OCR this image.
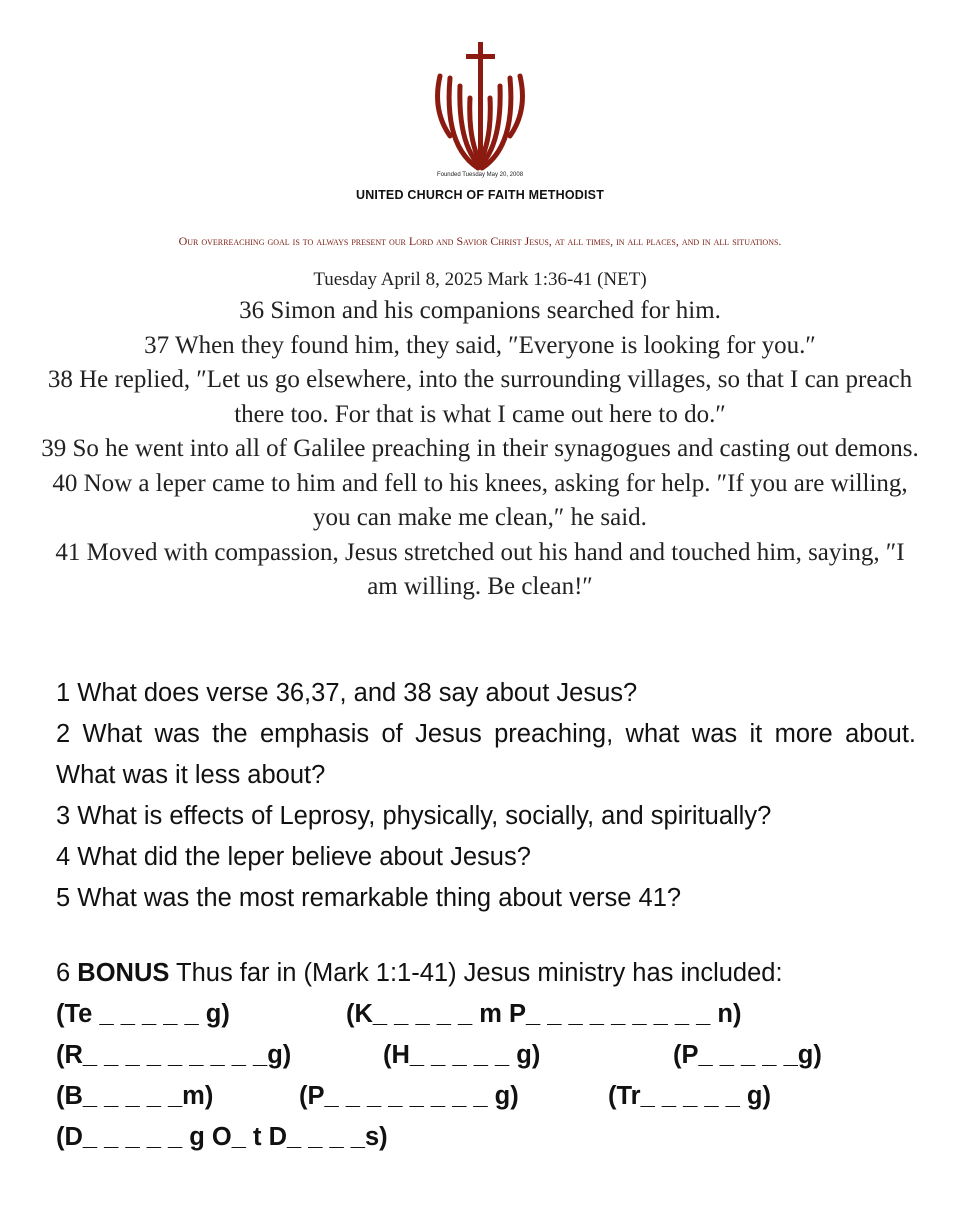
Founded Tuesday May 20, 2008
UNITED CHURCH OF FAITH METHODIST
Our overreaching goal is to always present our Lord and Savior Christ Jesus, at all times, in all places, and in all situations.
Tuesday April 8, 2025 Mark 1:36-41 (NET)

36 Simon and his companions searched for him.

37 When they found him, they said, ″Everyone is looking for you.″

38 He replied, ″Let us go elsewhere, into the surrounding villages, so that I can preach there too. For that is what I came out here to do.″

39 So he went into all of Galilee preaching in their synagogues and casting out demons.

40 Now a leper came to him and fell to his knees, asking for help. ″If you are willing, you can make me clean,″ he said.

41 Moved with compassion, Jesus stretched out his hand and touched him, saying, ″I am willing. Be clean!″

1 What does verse 36,37, and 38 say about Jesus?

2 What was the emphasis of Jesus preaching, what was it more about. What was it less about?

3 What is effects of Leprosy, physically, socially, and spiritually?

4 What did the leper believe about Jesus?

5 What was the most remarkable thing about verse 41?

6 BONUS Thus far in (Mark 1:1-41) Jesus ministry has included:

(Te _ _ _ _ _ g)	(K_ _ _ _ _ m P_ _ _ _ _ _ _ _ _ n)
(R_ _ _ _ _ _ _ _ _g)	(H_ _ _ _ _ g)	(P_ _ _ _ _g)
(B_ _ _ _ _m)	(P_ _ _ _ _ _ _ _ g)	(Tr_ _ _ _ _ g)
(D_ _ _ _ _ g O_ t D_ _ _ _s)
